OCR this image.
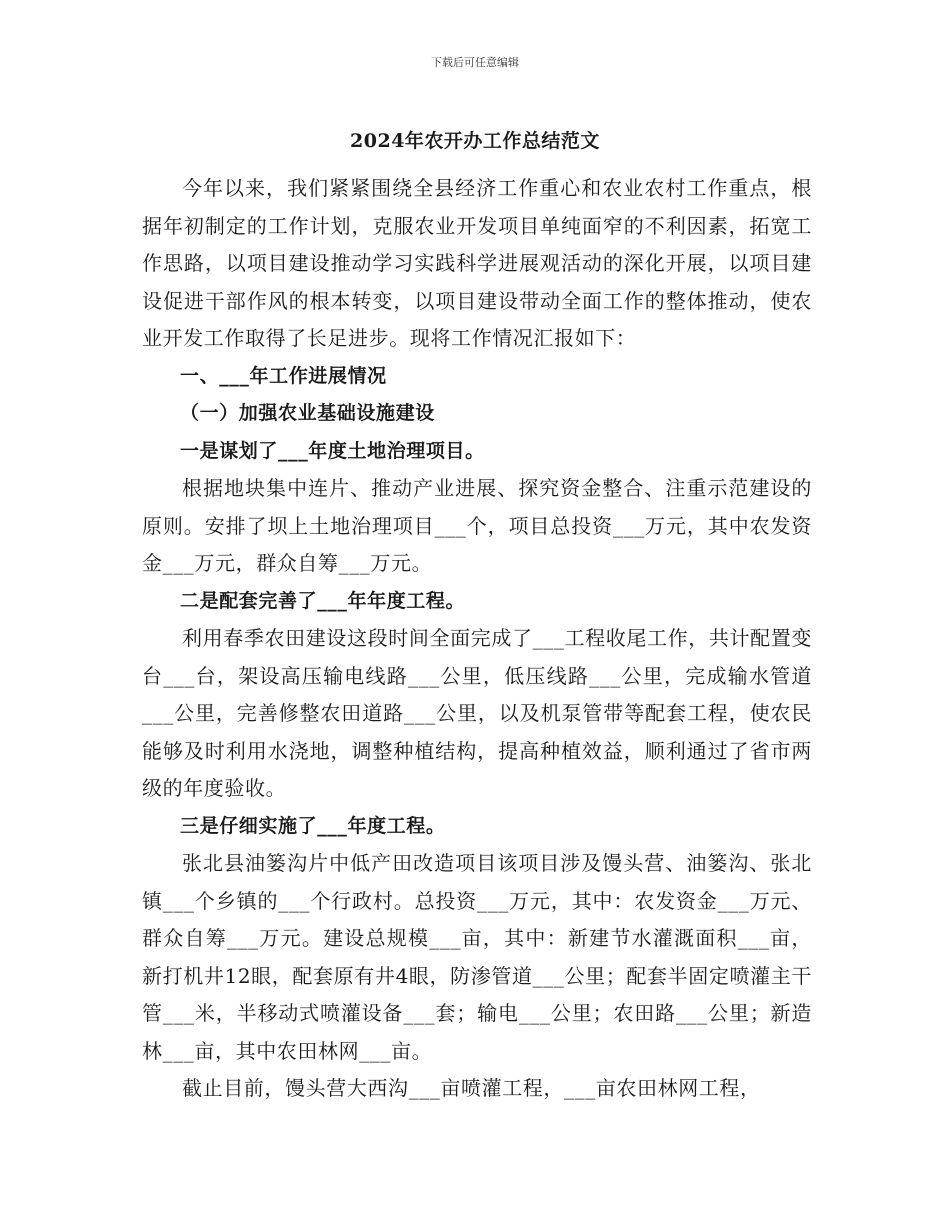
下载后可任意编辑
2024年农开办工作总结范文

今年以来，我们紧紧围绕全县经济工作重心和农业农村工作重点，根据年初制定的工作计划，克服农业开发项目单纯面窄的不利因素，拓宽工作思路，以项目建设推动学习实践科学进展观活动的深化开展，以项目建设促进干部作风的根本转变，以项目建设带动全面工作的整体推动，使农业开发工作取得了长足进步。现将工作情况汇报如下：

一、___年工作进展情况

（一）加强农业基础设施建设

一是谋划了___年度土地治理项目。

根据地块集中连片、推动产业进展、探究资金整合、注重示范建设的原则。安排了坝上土地治理项目___个，项目总投资___万元，其中农发资金___万元，群众自筹___万元。

二是配套完善了___年年度工程。

利用春季农田建设这段时间全面完成了___工程收尾工作，共计配置变台___台，架设高压输电线路___公里，低压线路___公里，完成输水管道___公里，完善修整农田道路___公里，以及机泵管带等配套工程，使农民能够及时利用水浇地，调整种植结构，提高种植效益，顺利通过了省市两级的年度验收。

三是仔细实施了___年度工程。

张北县油篓沟片中低产田改造项目该项目涉及馒头营、油篓沟、张北镇___个乡镇的___个行政村。总投资___万元，其中：农发资金___万元、群众自筹___万元。建设总规模___亩，其中：新建节水灌溉面积___亩，新打机井12眼，配套原有井4眼，防渗管道___公里；配套半固定喷灌主干管___米，半移动式喷灌设备___套；输电___公里；农田路___公里；新造林___亩，其中农田林网___亩。

截止目前，馒头营大西沟___亩喷灌工程，___亩农田林网工程，
